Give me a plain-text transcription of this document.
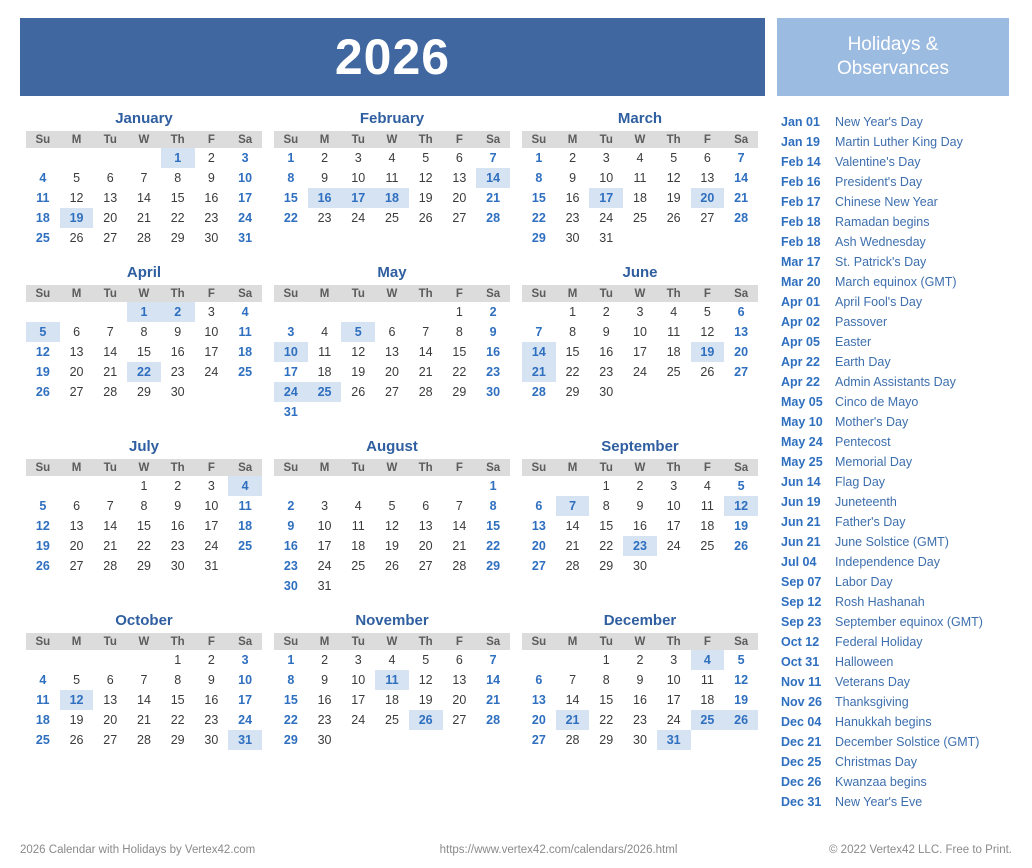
2026	Holidays &
Observances
January
Su	M	Tu	W	Th	F	Sa
				1	2	3
4	5	6	7	8	9	10
11	12	13	14	15	16	17
18	19	20	21	22	23	24
25	26	27	28	29	30	31
February
Su	M	Tu	W	Th	F	Sa
1	2	3	4	5	6	7
8	9	10	11	12	13	14
15	16	17	18	19	20	21
22	23	24	25	26	27	28
March
Su	M	Tu	W	Th	F	Sa
1	2	3	4	5	6	7
8	9	10	11	12	13	14
15	16	17	18	19	20	21
22	23	24	25	26	27	28
29	30	31				
April
Su	M	Tu	W	Th	F	Sa
			1	2	3	4
5	6	7	8	9	10	11
12	13	14	15	16	17	18
19	20	21	22	23	24	25
26	27	28	29	30		
May
Su	M	Tu	W	Th	F	Sa
					1	2
3	4	5	6	7	8	9
10	11	12	13	14	15	16
17	18	19	20	21	22	23
24	25	26	27	28	29	30
31						
June
Su	M	Tu	W	Th	F	Sa
	1	2	3	4	5	6
7	8	9	10	11	12	13
14	15	16	17	18	19	20
21	22	23	24	25	26	27
28	29	30				
July
Su	M	Tu	W	Th	F	Sa
			1	2	3	4
5	6	7	8	9	10	11
12	13	14	15	16	17	18
19	20	21	22	23	24	25
26	27	28	29	30	31	
August
Su	M	Tu	W	Th	F	Sa
						1
2	3	4	5	6	7	8
9	10	11	12	13	14	15
16	17	18	19	20	21	22
23	24	25	26	27	28	29
30	31					
September
Su	M	Tu	W	Th	F	Sa
		1	2	3	4	5
6	7	8	9	10	11	12
13	14	15	16	17	18	19
20	21	22	23	24	25	26
27	28	29	30			
October
Su	M	Tu	W	Th	F	Sa
				1	2	3
4	5	6	7	8	9	10
11	12	13	14	15	16	17
18	19	20	21	22	23	24
25	26	27	28	29	30	31
November
Su	M	Tu	W	Th	F	Sa
1	2	3	4	5	6	7
8	9	10	11	12	13	14
15	16	17	18	19	20	21
22	23	24	25	26	27	28
29	30					
December
Su	M	Tu	W	Th	F	Sa
		1	2	3	4	5
6	7	8	9	10	11	12
13	14	15	16	17	18	19
20	21	22	23	24	25	26
27	28	29	30	31		
Jan 01	New Year's Day
Jan 19	Martin Luther King Day
Feb 14	Valentine's Day
Feb 16	President's Day
Feb 17	Chinese New Year
Feb 18	Ramadan begins
Feb 18	Ash Wednesday
Mar 17	St. Patrick's Day
Mar 20	March equinox (GMT)
Apr 01	April Fool's Day
Apr 02	Passover
Apr 05	Easter
Apr 22	Earth Day
Apr 22	Admin Assistants Day
May 05 Cinco de Mayo
May 10 Mother's Day
May 24 Pentecost
May 25 Memorial Day
Jun 14	Flag Day
Jun 19	Juneteenth
Jun 21	Father's Day
Jun 21	June Solstice (GMT)
Jul 04	Independence Day
Sep 07	Labor Day
Sep 12	Rosh Hashanah
Sep 23	September equinox (GMT)
Oct 12	Federal Holiday
Oct 31	Halloween
Nov 11	Veterans Day
Nov 26	Thanksgiving
Dec 04	Hanukkah begins
Dec 21	December Solstice (GMT)
Dec 25	Christmas Day
Dec 26	Kwanzaa begins
Dec 31	New Year's Eve
2026 Calendar with Holidays by Vertex42.com	https://www.vertex42.com/calendars/2026.html	© 2022 Vertex42 LLC. Free to Print.
